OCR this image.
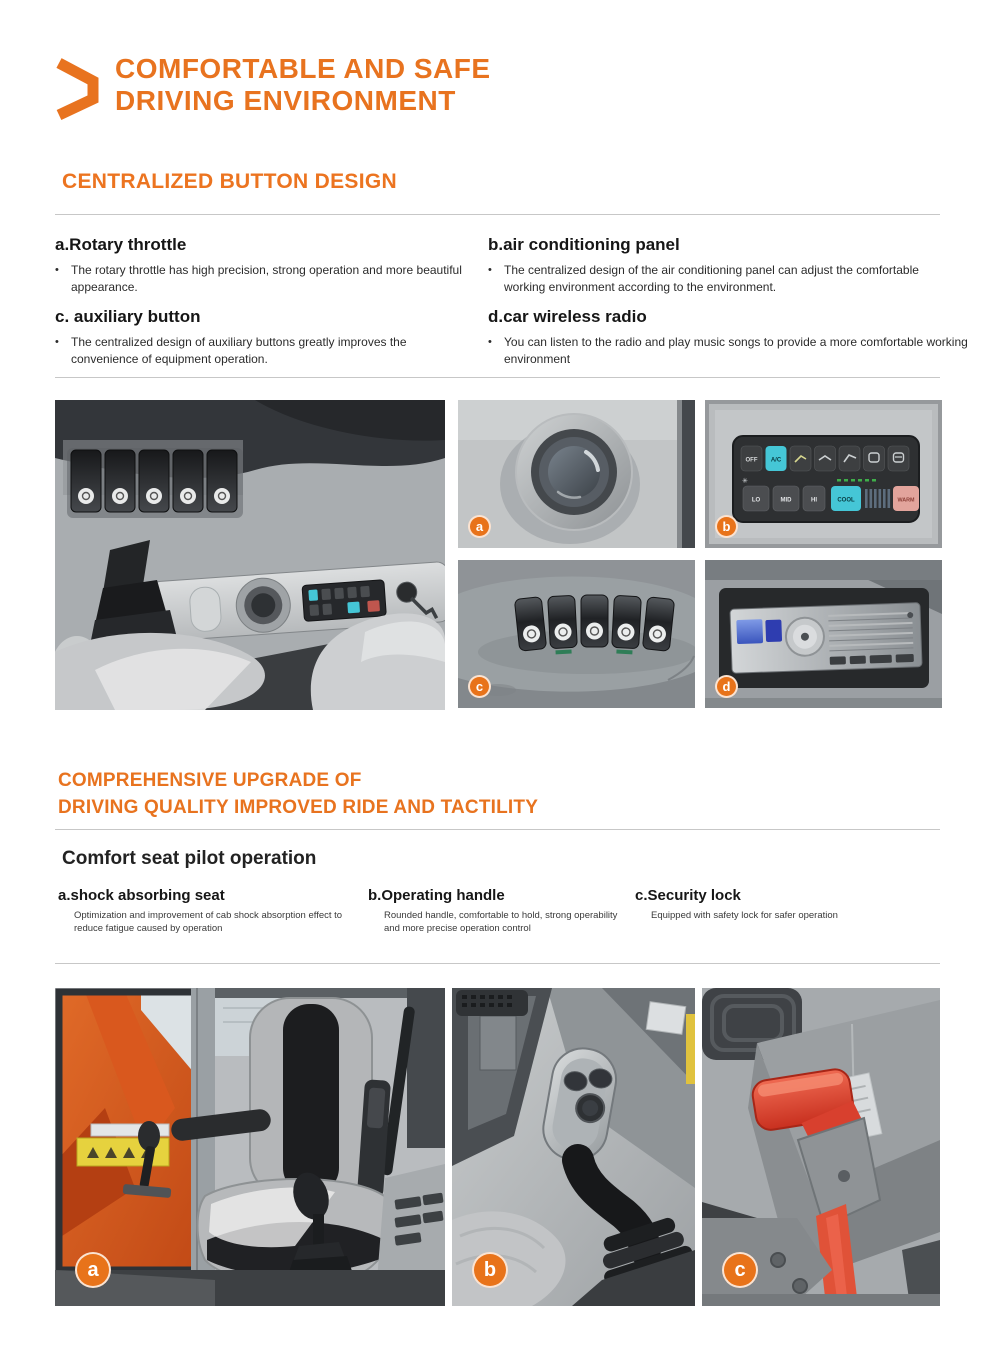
COMFORTABLE AND SAFE
DRIVING ENVIRONMENT
CENTRALIZED BUTTON DESIGN
a.Rotary throttle
•	The rotary throttle has high precision, strong operation and more beautiful appearance.
b.air conditioning panel
•	The centralized design of the air conditioning panel can adjust the comfortable working environment according to the environment.
c. auxiliary button
•	The centralized design of auxiliary buttons greatly improves the convenience of equipment operation.
d.car wireless radio
•	You can listen to the radio and play music songs to provide a more comfortable working environment
a
OFF A/C
✳
LO	MID	HI	COOL	WARM
b
c	d
COMPREHENSIVE UPGRADE OF
DRIVING QUALITY IMPROVED RIDE AND TACTILITY
Comfort seat pilot operation
a.shock absorbing seat

Optimization and improvement of cab shock absorption effect to reduce fatigue caused by operation

b.Operating handle

Rounded handle, comfortable to hold, strong operability and more precise operation control

c.Security lock

Equipped with safety lock for safer operation

a	b	c
